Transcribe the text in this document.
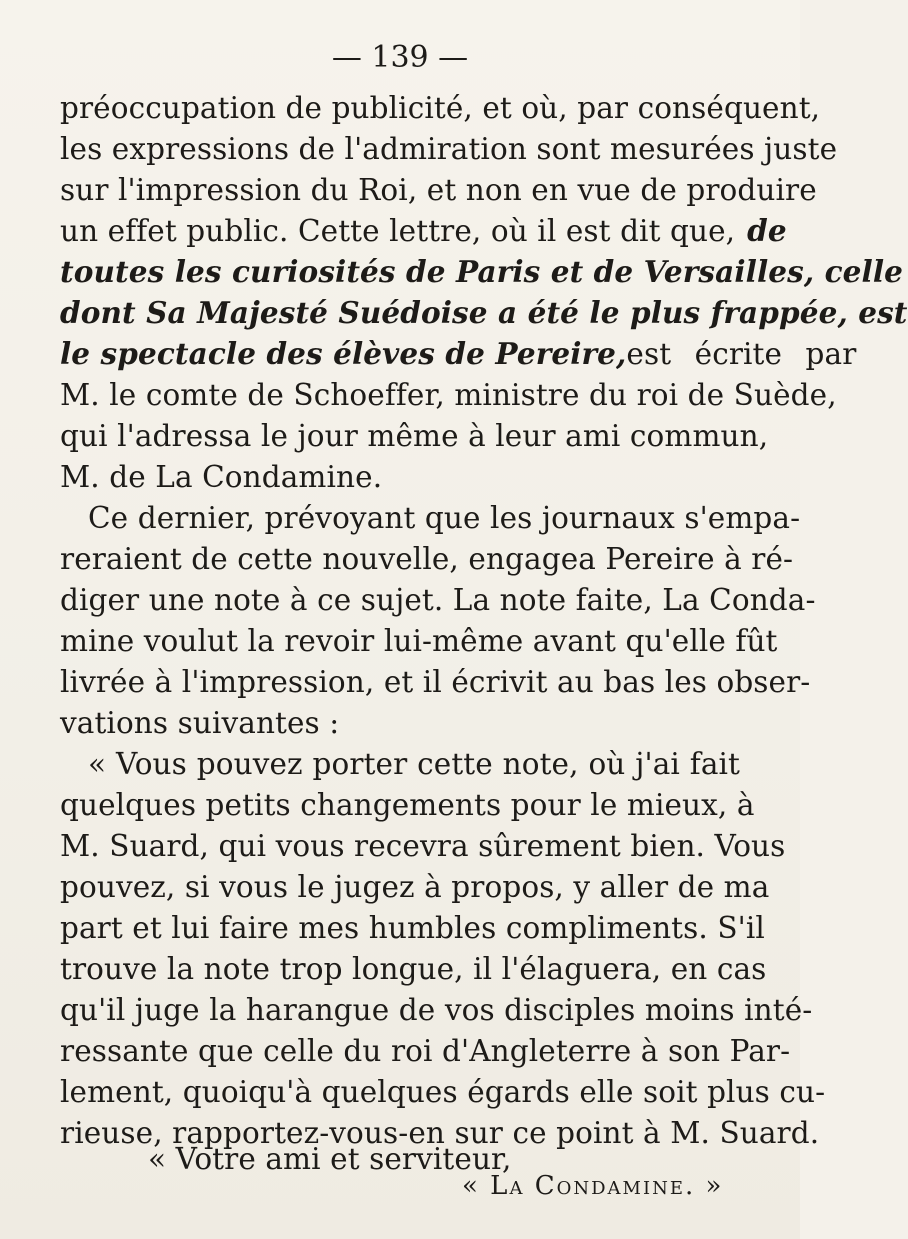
— 139 —
préoccupation de publicité, et où, par conséquent,
les expressions de l'admiration sont mesurées juste
sur l'impression du Roi, et non en vue de produire
un effet public. Cette lettre, où il est dit que, de
toutes les curiosités de Paris et de Versailles, celle
dont Sa Majesté Suédoise a été le plus frappée, est
le spectacle des élèves de Pereire, est écrite par
M. le comte de Schoeffer, ministre du roi de Suède,
qui l'adressa le jour même à leur ami commun,
M. de La Condamine.
Ce dernier, prévoyant que les journaux s'empa-
reraient de cette nouvelle, engagea Pereire à ré-
diger une note à ce sujet. La note faite, La Conda-
mine voulut la revoir lui-même avant qu'elle fût
livrée à l'impression, et il écrivit au bas les obser-
vations suivantes :
« Vous pouvez porter cette note, où j'ai fait
quelques petits changements pour le mieux, à
M. Suard, qui vous recevra sûrement bien. Vous
pouvez, si vous le jugez à propos, y aller de ma
part et lui faire mes humbles compliments. S'il
trouve la note trop longue, il l'élaguera, en cas
qu'il juge la harangue de vos disciples moins inté-
ressante que celle du roi d'Angleterre à son Par-
lement, quoiqu'à quelques égards elle soit plus cu-
rieuse, rapportez-vous-en sur ce point à M. Suard.
« Votre ami et serviteur,
« La Condamine. »
